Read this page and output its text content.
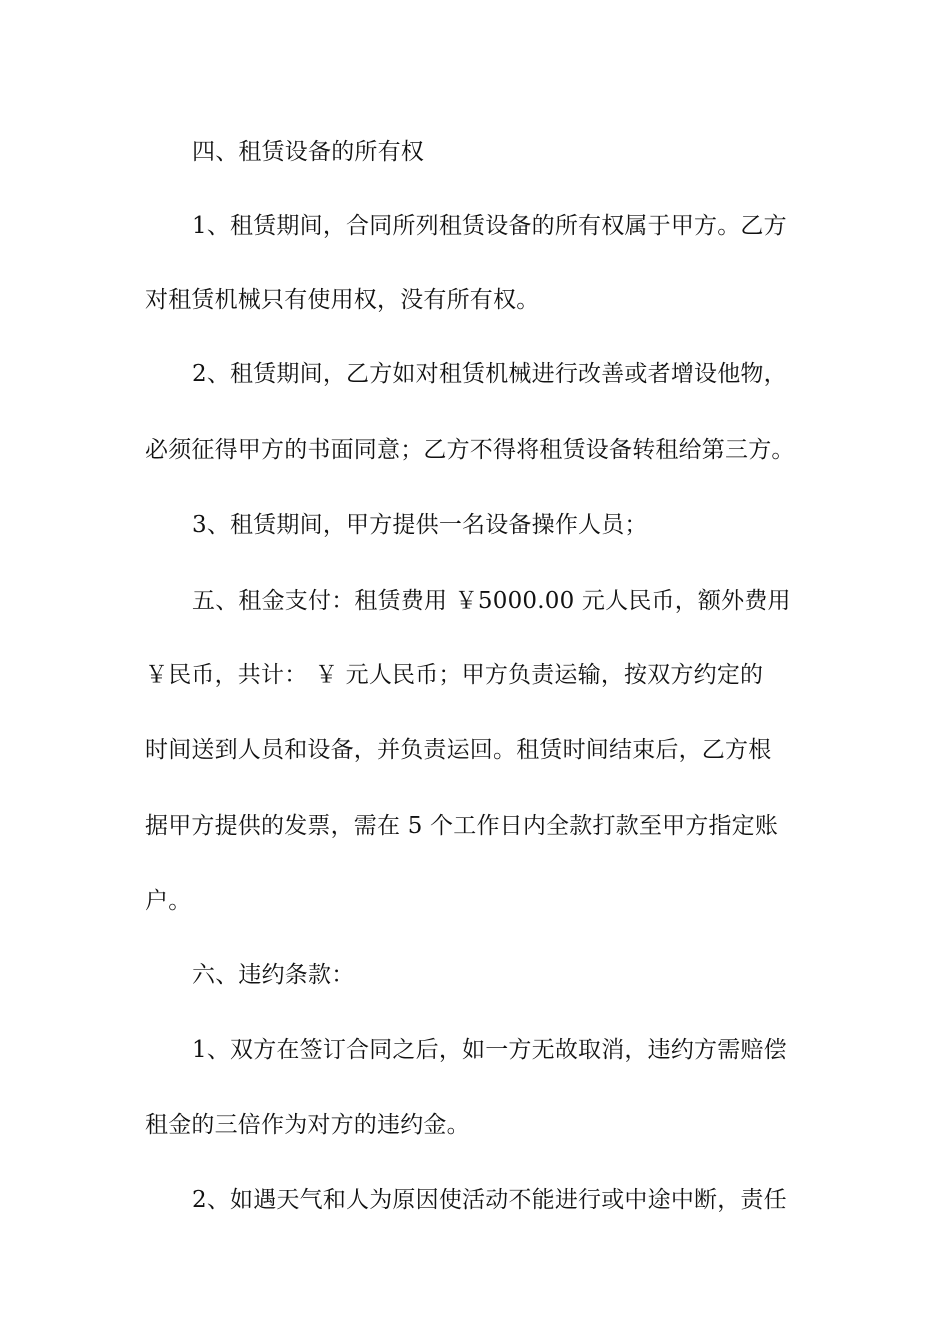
四、租赁设备的所有权
1、租赁期间，合同所列租赁设备的所有权属于甲方。乙方
对租赁机械只有使用权，没有所有权。
2、租赁期间，乙方如对租赁机械进行改善或者增设他物，
必须征得甲方的书面同意；乙方不得将租赁设备转租给第三方。
3、租赁期间，甲方提供一名设备操作人员；
五、租金支付：租赁费用 ￥5000.00 元人民币，额外费用
￥民币，共计： ￥ 元人民币；甲方负责运输，按双方约定的
时间送到人员和设备，并负责运回。租赁时间结束后，乙方根
据甲方提供的发票，需在 5 个工作日内全款打款至甲方指定账
户。
六、违约条款：
1、双方在签订合同之后，如一方无故取消，违约方需赔偿
租金的三倍作为对方的违约金。
2、如遇天气和人为原因使活动不能进行或中途中断，责任
